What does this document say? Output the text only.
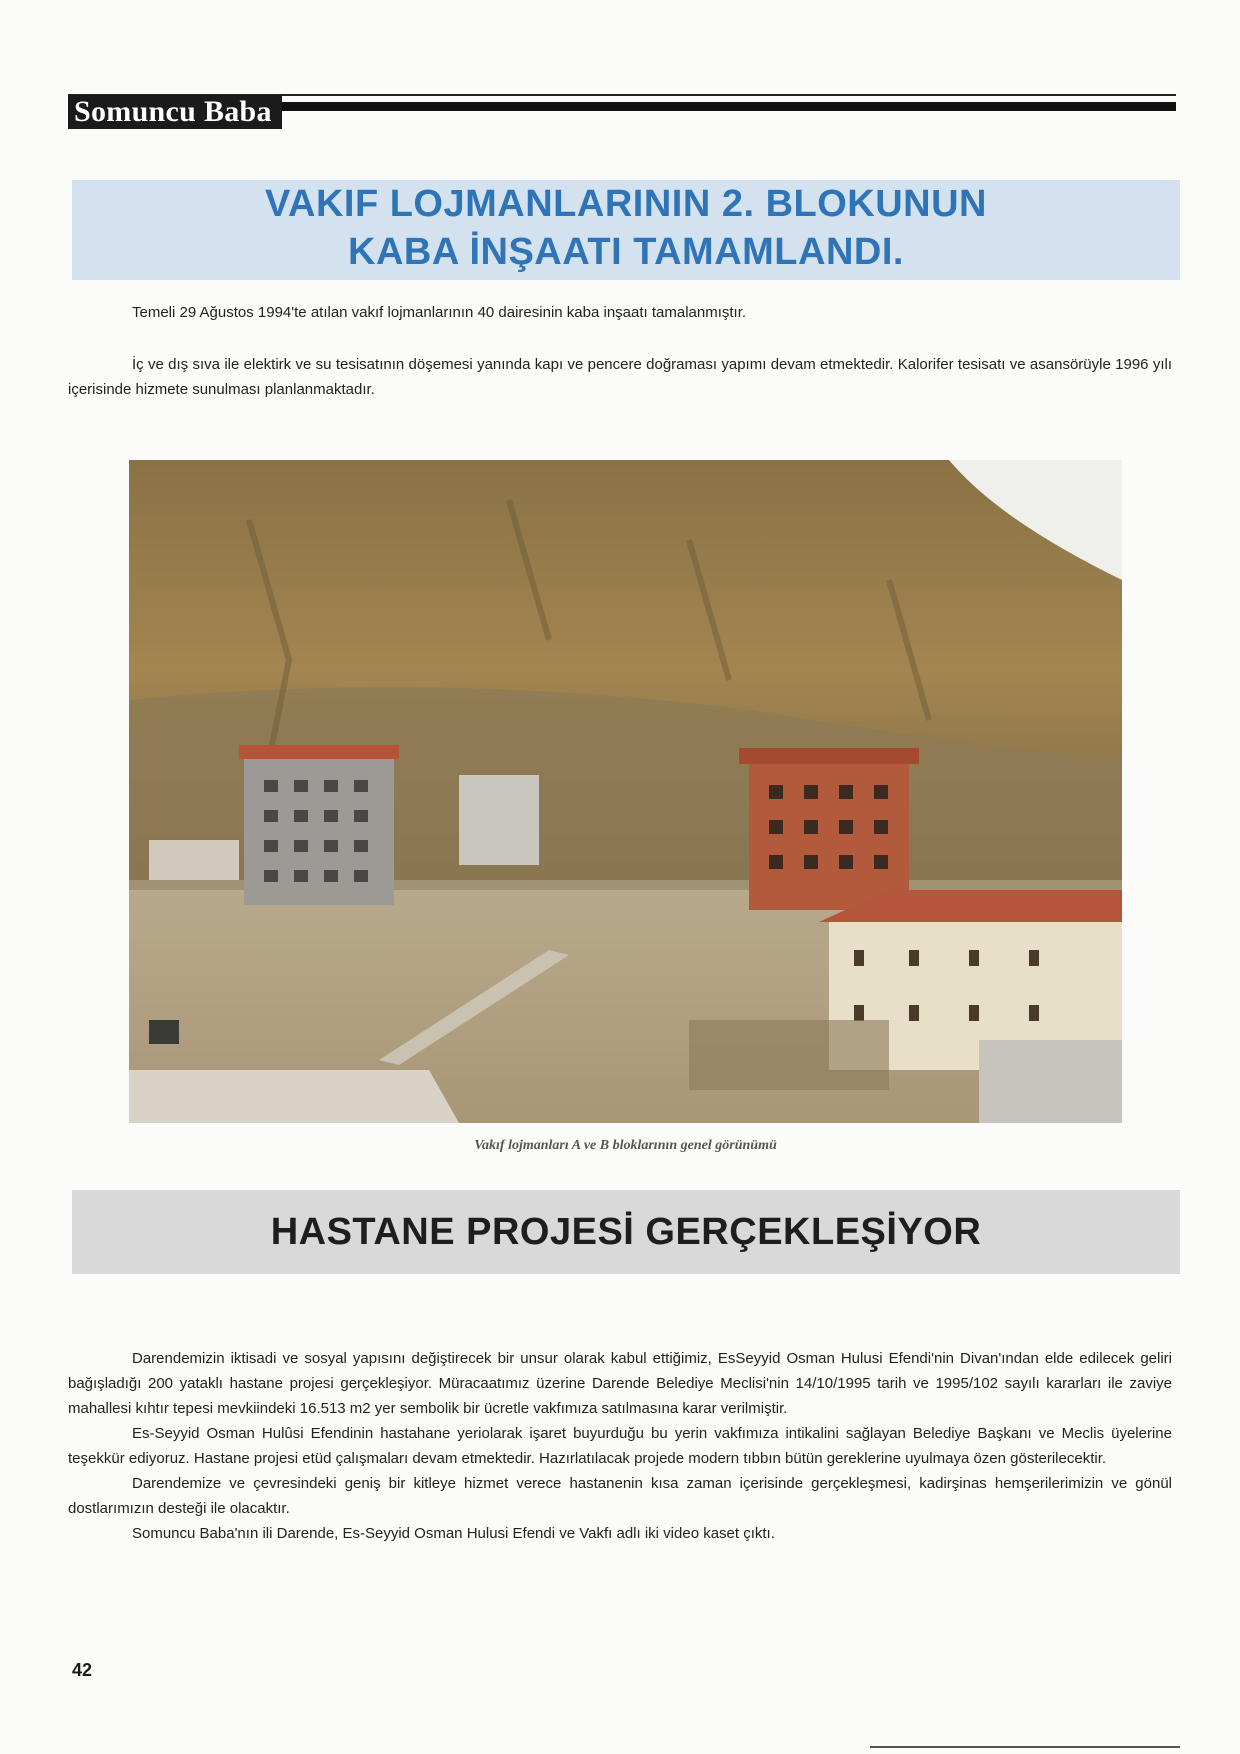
Somuncu Baba
VAKIF LOJMANLARININ 2. BLOKUNUN
KABA İNŞAATI TAMAMLANDI.

Temeli 29 Ağustos 1994'te atılan vakıf lojmanlarının 40 dairesinin kaba inşaatı tamalanmıştır.

İç ve dış sıva ile elektirk ve su tesisatının döşemesi yanında kapı ve pencere doğraması yapımı devam etmektedir. Kalorifer tesisatı ve asansörüyle 1996 yılı içerisinde hizmete sunulması planlanmaktadır.

Vakıf lojmanları A ve B bloklarının genel görünümü
HASTANE PROJESİ GERÇEKLEŞİYOR
Darendemizin iktisadi ve sosyal yapısını değiştirecek bir unsur olarak kabul ettiğimiz, EsSeyyid Osman Hulusi Efendi'nin Divan'ından elde edilecek geliri bağışladığı 200 yataklı hastane projesi gerçekleşiyor. Müracaatımız üzerine Darende Belediye Meclisi'nin 14/10/1995 tarih ve 1995/102 sayılı kararları ile zaviye mahallesi kıhtır tepesi mevkiindeki 16.513 m2 yer sembolik bir ücretle vakfımıza satılmasına karar verilmiştir.
Es-Seyyid Osman Hulûsi Efendinin hastahane yeriolarak işaret buyurduğu bu yerin vakfımıza intikalini sağlayan Belediye Başkanı ve Meclis üyelerine teşekkür ediyoruz. Hastane projesi etüd çalışmaları devam etmektedir. Hazırlatılacak projede modern tıbbın bütün gereklerine uyulmaya özen gösterilecektir.
Darendemize ve çevresindeki geniş bir kitleye hizmet verece hastanenin kısa zaman içerisinde gerçekleşmesi, kadirşinas hemşerilerimizin ve gönül dostlarımızın desteği ile olacaktır.
Somuncu Baba'nın ili Darende, Es-Seyyid Osman Hulusi Efendi ve Vakfı adlı iki video kaset çıktı.
42
